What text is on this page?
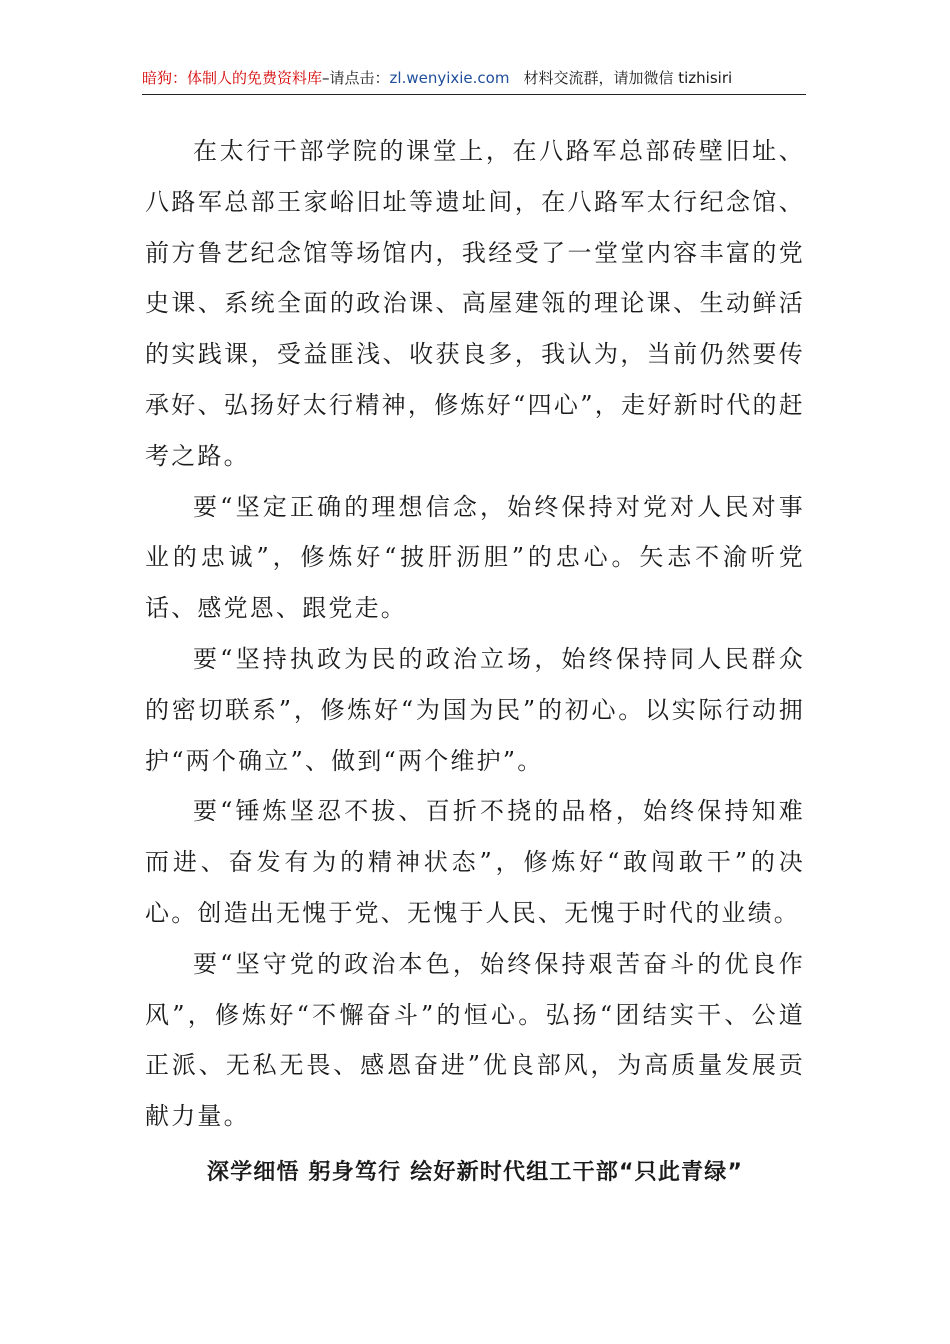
暗狗：体制人的免费资料库–请点击：zl.wenyixie.com 材料交流群，请加微信 tizhisiri

在太行干部学院的课堂上，在八路军总部砖壁旧址、八路军总部王家峪旧址等遗址间，在八路军太行纪念馆、前方鲁艺纪念馆等场馆内，我经受了一堂堂内容丰富的党史课、系统全面的政治课、高屋建瓴的理论课、生动鲜活的实践课，受益匪浅、收获良多，我认为，当前仍然要传承好、弘扬好太行精神，修炼好“四心”，走好新时代的赶考之路。

要“坚定正确的理想信念，始终保持对党对人民对事业的忠诚”，修炼好“披肝沥胆”的忠心。矢志不渝听党话、感党恩、跟党走。

要“坚持执政为民的政治立场，始终保持同人民群众的密切联系”，修炼好“为国为民”的初心。以实际行动拥护“两个确立”、做到“两个维护”。

要“锤炼坚忍不拔、百折不挠的品格，始终保持知难而进、奋发有为的精神状态”，修炼好“敢闯敢干”的决心。创造出无愧于党、无愧于人民、无愧于时代的业绩。

要“坚守党的政治本色，始终保持艰苦奋斗的优良作风”，修炼好“不懈奋斗”的恒心。弘扬“团结实干、公道正派、无私无畏、感恩奋进”优良部风，为高质量发展贡献力量。

深学细悟 躬身笃行 绘好新时代组工干部“只此青绿”
